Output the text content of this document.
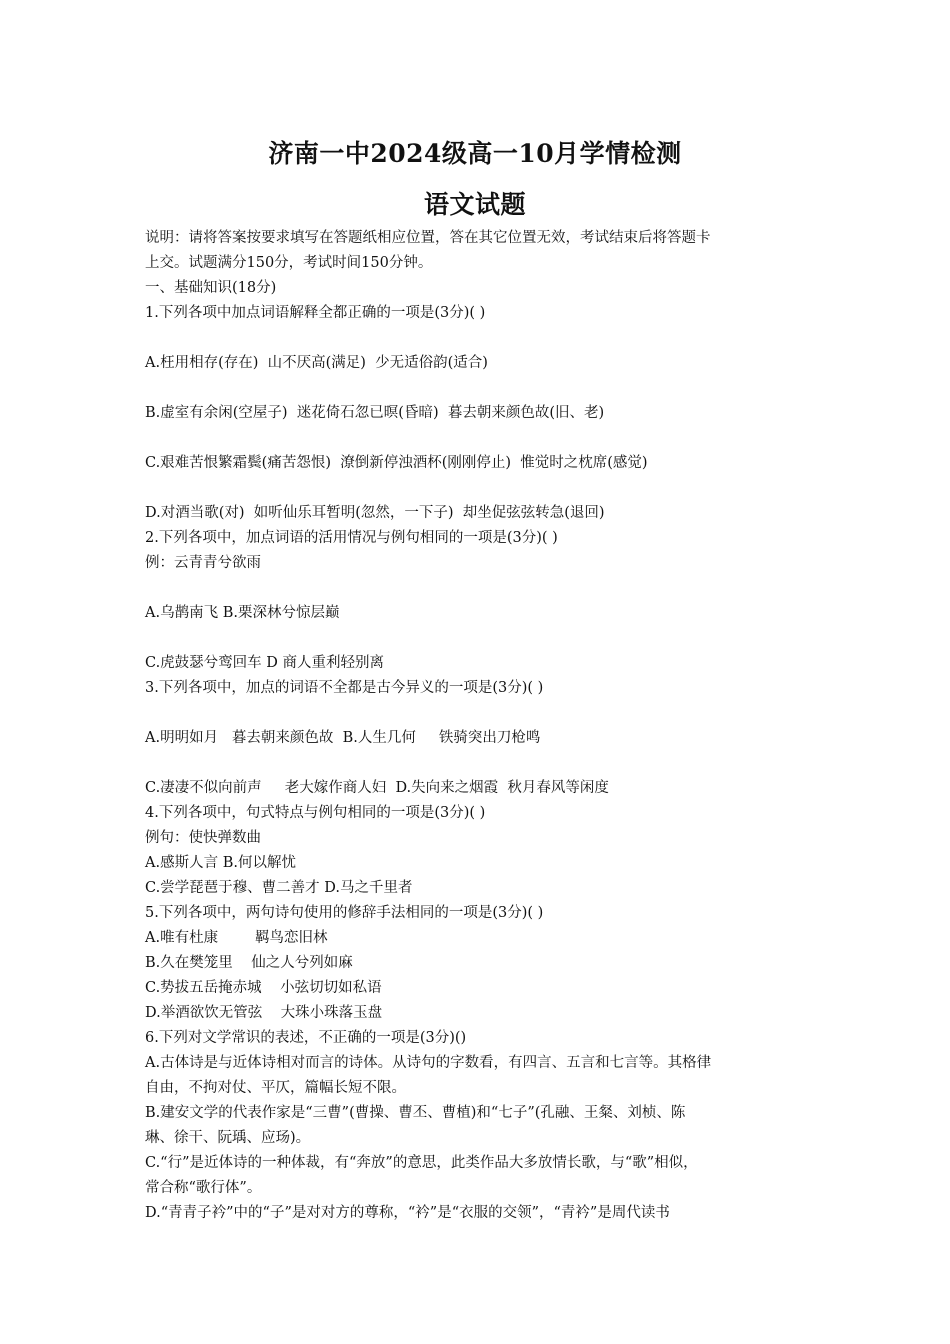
济南一中2024级高一10月学情检测
语文试题
说明：请将答案按要求填写在答题纸相应位置，答在其它位置无效，考试结束后将答题卡
上交。试题满分150分，考试时间150分钟。
一、基础知识(18分)
1.下列各项中加点词语解释全都正确的一项是(3分)( )
A.枉用相存(存在)  山不厌高(满足)  少无适俗韵(适合)
B.虚室有余闲(空屋子)  迷花倚石忽已暝(昏暗)  暮去朝来颜色故(旧、老)
C.艰难苦恨繁霜鬓(痛苦怨恨)  潦倒新停浊酒杯(刚刚停止)  惟觉时之枕席(感觉)
D.对酒当歌(对)  如听仙乐耳暂明(忽然，一下子)  却坐促弦弦转急(退回)
2.下列各项中，加点词语的活用情况与例句相同的一项是(3分)( )
例：云青青兮欲雨
A.乌鹊南飞 B.栗深林兮惊层巅
C.虎鼓瑟兮鸾回车 D 商人重利轻别离
3.下列各项中，加点的词语不全都是古今异义的一项是(3分)( )
A.明明如月   暮去朝来颜色故  B.人生几何     铁骑突出刀枪鸣
C.凄凄不似向前声     老大嫁作商人妇  D.失向来之烟霞  秋月春风等闲度
4.下列各项中，句式特点与例句相同的一项是(3分)( )
例句：使快弹数曲
A.感斯人言 B.何以解忧
C.尝学琵琶于穆、曹二善才 D.马之千里者
5.下列各项中，两句诗句使用的修辞手法相同的一项是(3分)( )
A.唯有杜康        羁鸟恋旧林
B.久在樊笼里    仙之人兮列如麻
C.势拔五岳掩赤城    小弦切切如私语
D.举酒欲饮无管弦    大珠小珠落玉盘
6.下列对文学常识的表述，不正确的一项是(3分)()
A.古体诗是与近体诗相对而言的诗体。从诗句的字数看，有四言、五言和七言等。其格律
自由，不拘对仗、平仄，篇幅长短不限。
B.建安文学的代表作家是“三曹”(曹操、曹丕、曹植)和“七子”(孔融、王粲、刘桢、陈
琳、徐干、阮瑀、应玚)。
C.“行”是近体诗的一种体裁，有“奔放”的意思，此类作品大多放情长歌，与“歌”相似，
常合称“歌行体”。
D.“青青子衿”中的“子”是对对方的尊称，“衿”是“衣服的交领”，“青衿”是周代读书
